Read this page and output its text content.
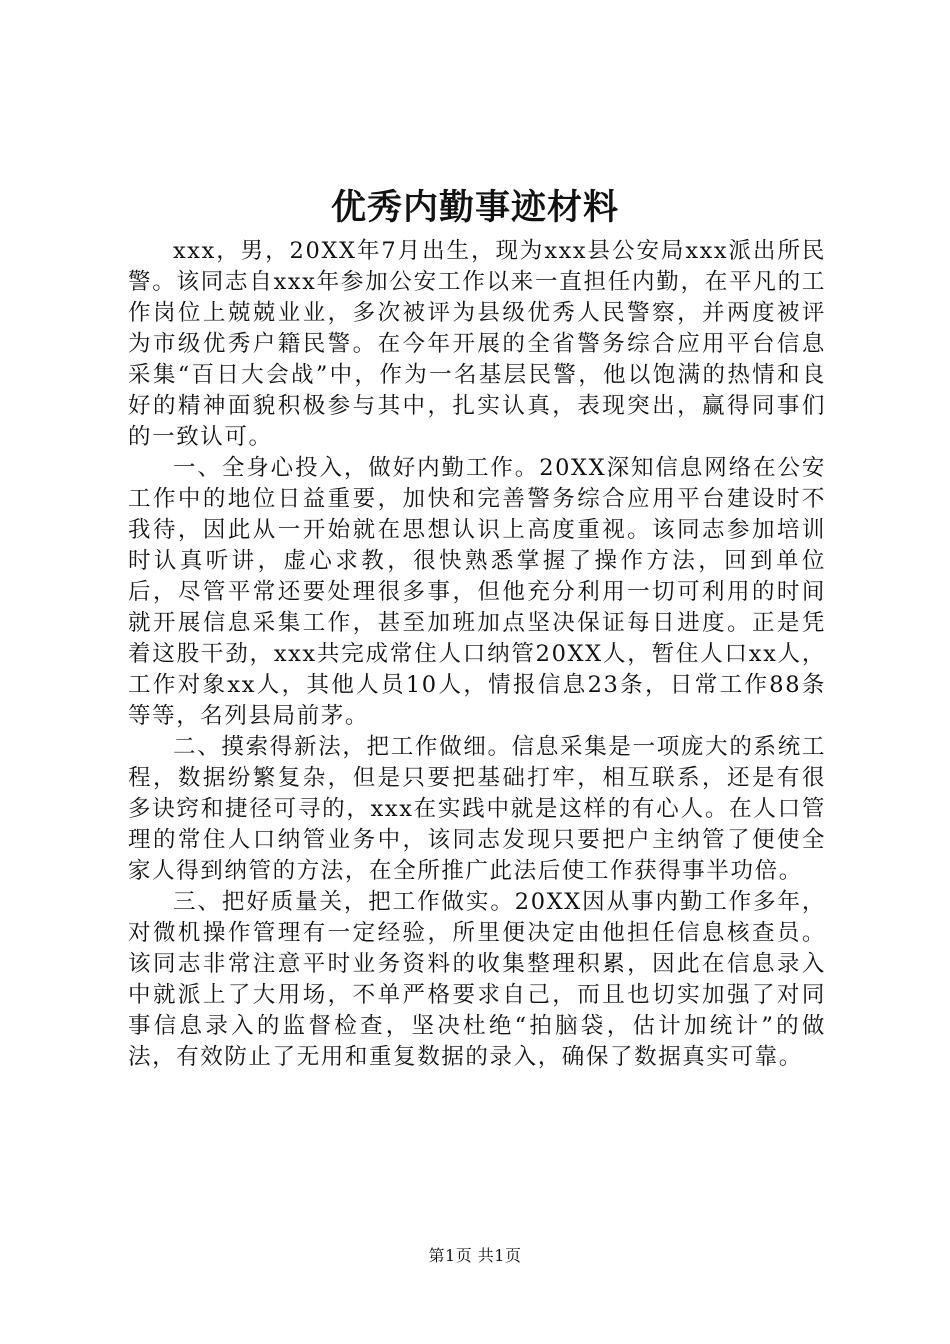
优秀内勤事迹材料

xxx，男，20XX年7月出生，现为xxx县公安局xxx派出所民警。该同志自xxx年参加公安工作以来一直担任内勤，在平凡的工作岗位上兢兢业业，多次被评为县级优秀人民警察，并两度被评为市级优秀户籍民警。在今年开展的全省警务综合应用平台信息采集“百日大会战”中，作为一名基层民警，他以饱满的热情和良好的精神面貌积极参与其中，扎实认真，表现突出，赢得同事们的一致认可。

一、全身心投入，做好内勤工作。20XX深知信息网络在公安工作中的地位日益重要，加快和完善警务综合应用平台建设时不我待，因此从一开始就在思想认识上高度重视。该同志参加培训时认真听讲，虚心求教，很快熟悉掌握了操作方法，回到单位后，尽管平常还要处理很多事，但他充分利用一切可利用的时间就开展信息采集工作，甚至加班加点坚决保证每日进度。正是凭着这股干劲，xxx共完成常住人口纳管20XX人，暂住人口xx人，工作对象xx人，其他人员10人，情报信息23条，日常工作88条等等，名列县局前茅。

二、摸索得新法，把工作做细。信息采集是一项庞大的系统工程，数据纷繁复杂，但是只要把基础打牢，相互联系，还是有很多诀窍和捷径可寻的，xxx在实践中就是这样的有心人。在人口管理的常住人口纳管业务中，该同志发现只要把户主纳管了便使全家人得到纳管的方法，在全所推广此法后使工作获得事半功倍。

三、把好质量关，把工作做实。20XX因从事内勤工作多年，对微机操作管理有一定经验，所里便决定由他担任信息核查员。该同志非常注意平时业务资料的收集整理积累，因此在信息录入中就派上了大用场，不单严格要求自己，而且也切实加强了对同事信息录入的监督检查，坚决杜绝“拍脑袋，估计加统计”的做法，有效防止了无用和重复数据的录入，确保了数据真实可靠。

第1页 共1页
